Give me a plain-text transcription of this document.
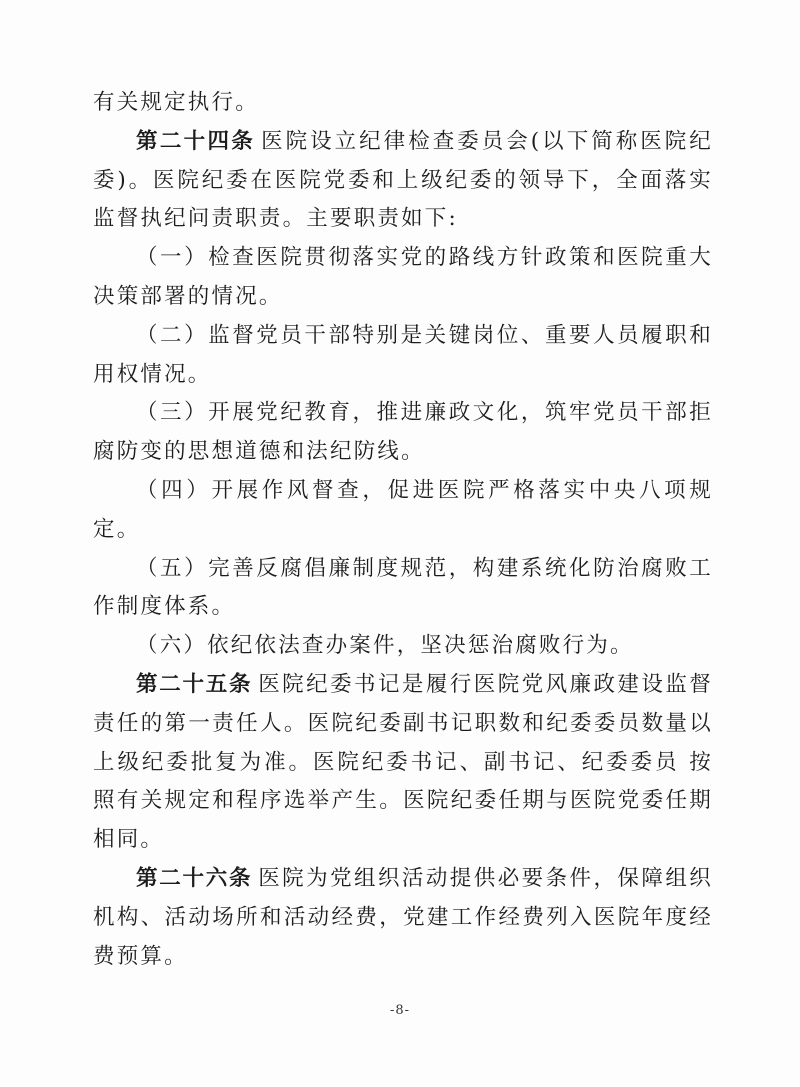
有关规定执行。

第二十四条 医院设立纪律检查委员会(以下简称医院纪委)。医院纪委在医院党委和上级纪委的领导下，全面落实监督执纪问责职责。主要职责如下:

（一）检查医院贯彻落实党的路线方针政策和医院重大决策部署的情况。

（二）监督党员干部特别是关键岗位、重要人员履职和用权情况。

（三）开展党纪教育，推进廉政文化，筑牢党员干部拒腐防变的思想道德和法纪防线。

（四）开展作风督查，促进医院严格落实中央八项规定。

（五）完善反腐倡廉制度规范，构建系统化防治腐败工作制度体系。

（六）依纪依法查办案件，坚决惩治腐败行为。

第二十五条 医院纪委书记是履行医院党风廉政建设监督责任的第一责任人。医院纪委副书记职数和纪委委员数量以上级纪委批复为准。医院纪委书记、副书记、纪委委员 按照有关规定和程序选举产生。医院纪委任期与医院党委任期相同。

第二十六条 医院为党组织活动提供必要条件，保障组织机构、活动场所和活动经费，党建工作经费列入医院年度经费预算。

-8-
